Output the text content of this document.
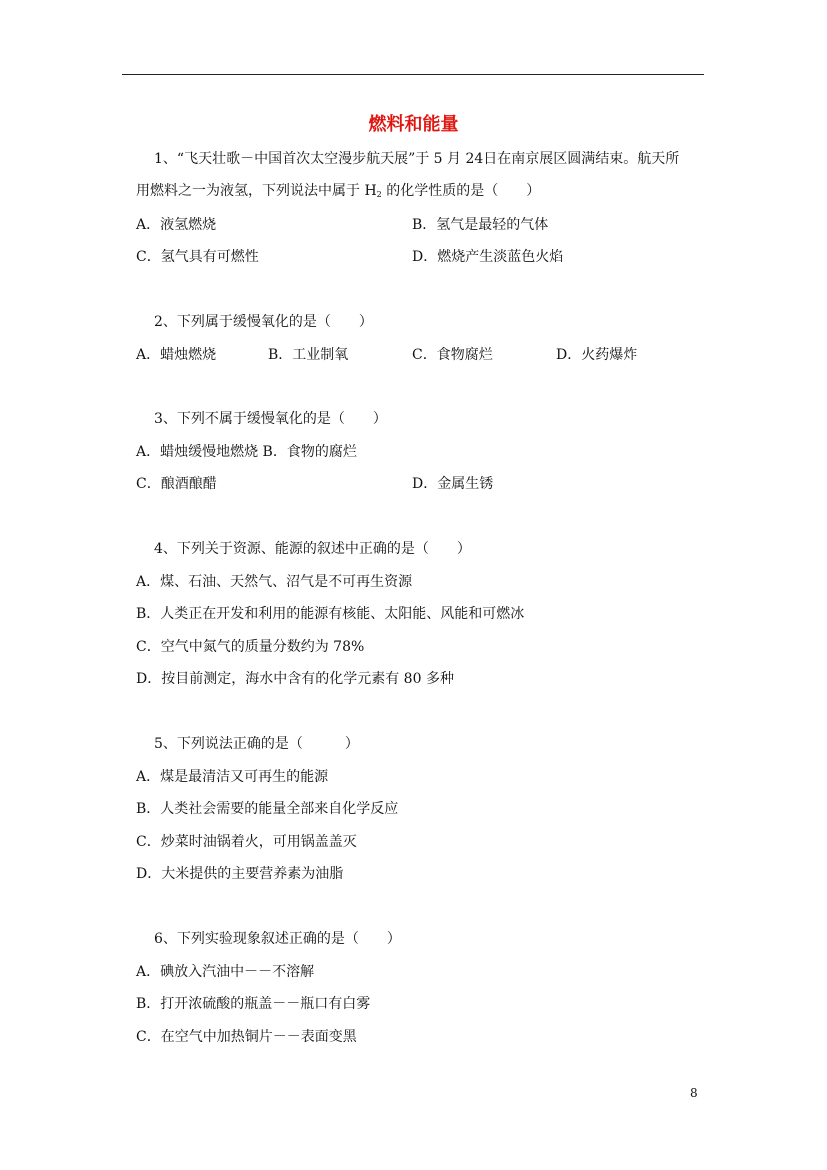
燃料和能量
1、“飞天壮歌－中国首次太空漫步航天展”于 5 月 24日在南京展区圆满结束。航天所
用燃料之一为液氢，下列说法中属于 $H_2$ 的化学性质的是（　　）
A．液氢燃烧	B．氢气是最轻的气体
C．氢气具有可燃性	D．燃烧产生淡蓝色火焰
2、下列属于缓慢氧化的是（　　）
A．蜡烛燃烧	B．工业制氧	C．食物腐烂	D．火药爆炸
3、下列不属于缓慢氧化的是（　　）
A．蜡烛缓慢地燃烧 B．食物的腐烂
C．酿酒酿醋	D．金属生锈
4、下列关于资源、能源的叙述中正确的是（　　）
A．煤、石油、天然气、沼气是不可再生资源
B．人类正在开发和利用的能源有核能、太阳能、风能和可燃冰
C．空气中氮气的质量分数约为 78%
D．按目前测定，海水中含有的化学元素有 80 多种
5、下列说法正确的是（　　　）
A．煤是最清洁又可再生的能源
B．人类社会需要的能量全部来自化学反应
C．炒菜时油锅着火，可用锅盖盖灭
D．大米提供的主要营养素为油脂
6、下列实验现象叙述正确的是（　　）
A．碘放入汽油中－－不溶解
B．打开浓硫酸的瓶盖－－瓶口有白雾
C．在空气中加热铜片－－表面变黑
8
